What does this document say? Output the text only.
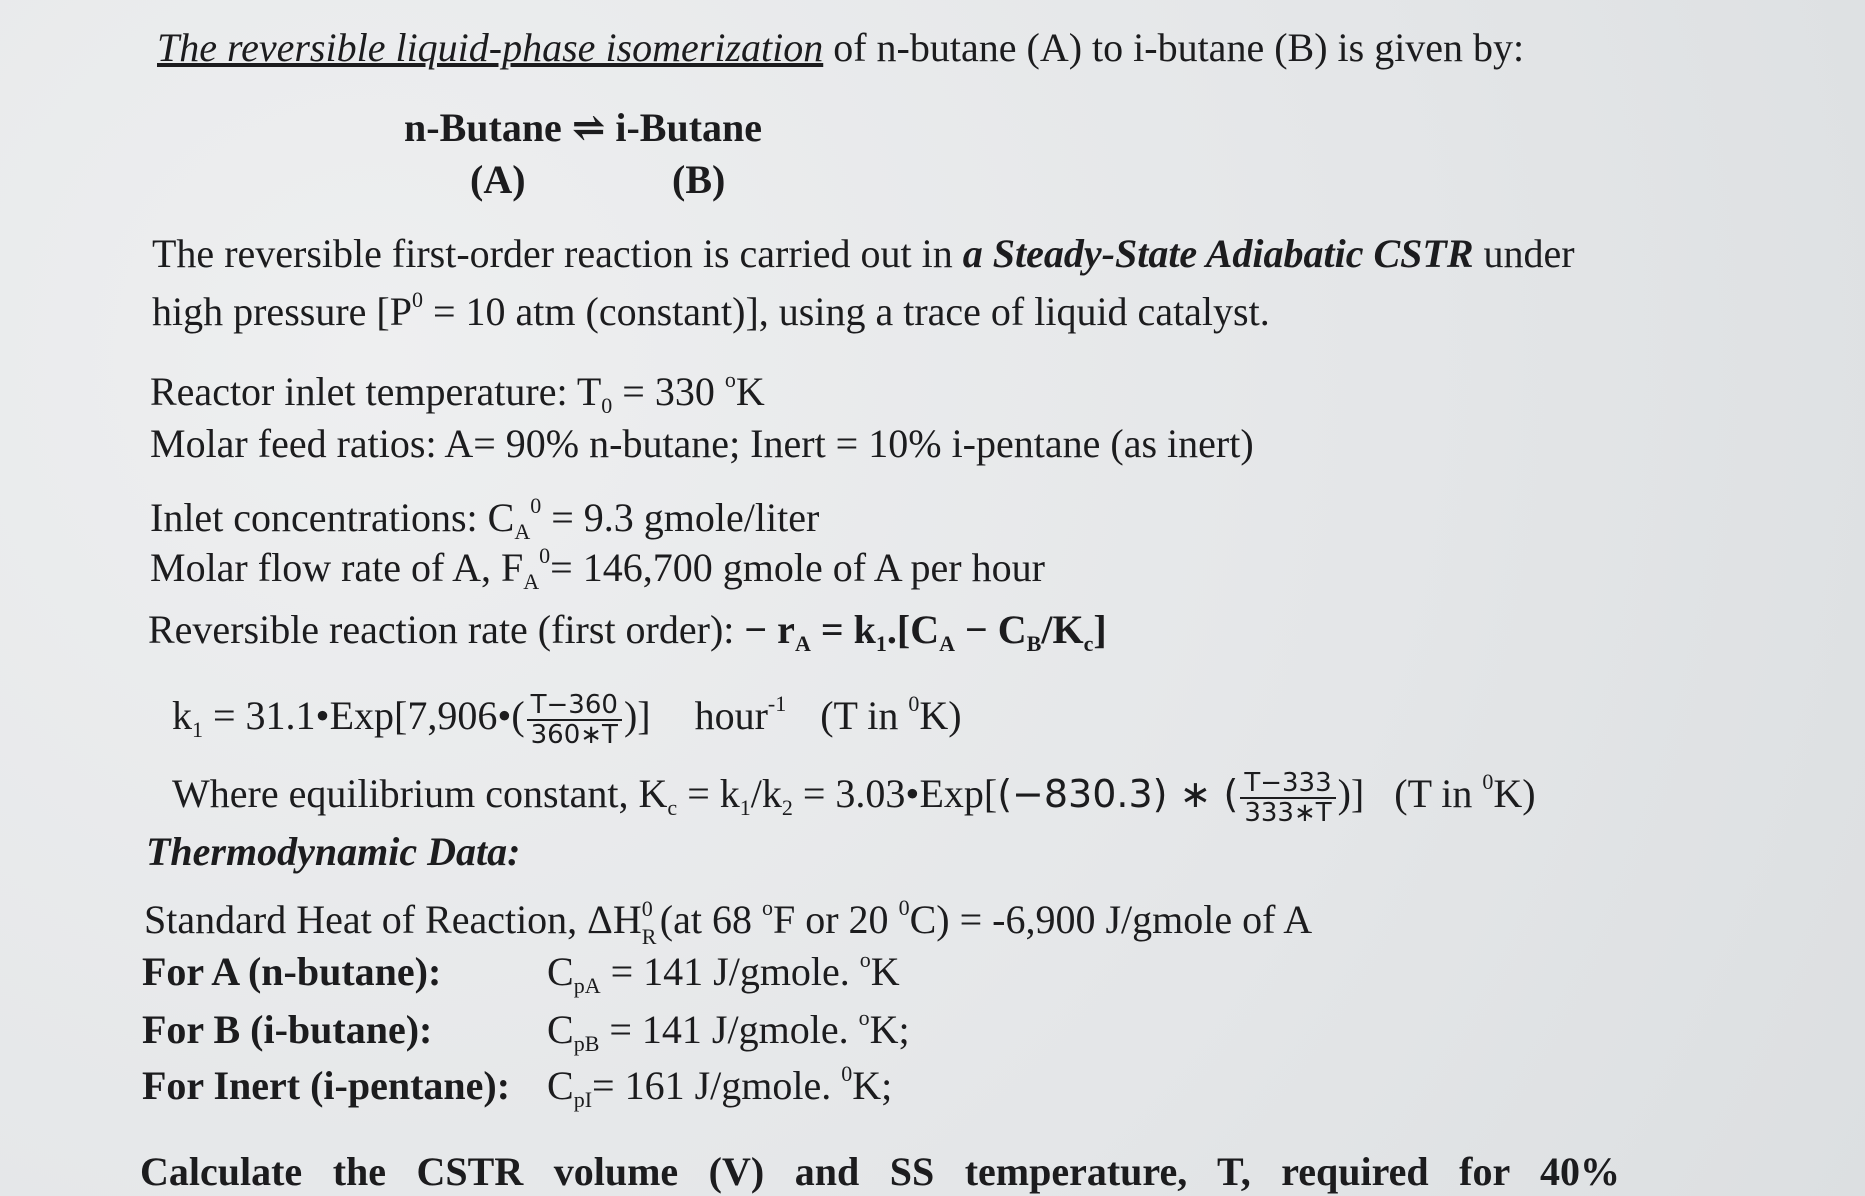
The reversible liquid-phase isomerization of n-butane (A) to i-butane (B) is given by:
n-Butane ⇌ i-Butane
(A)	(B)
The reversible first-order reaction is carried out in a Steady-State Adiabatic CSTR under
high pressure [$P^0 = 10$ atm (constant)], using a trace of liquid catalyst.
Reactor inlet temperature: $T_0 = 330$ $^o$K
Molar feed ratios: A= 90% n-butane; Inert = 10% i-pentane (as inert)
Inlet concentrations: $C_A^0 = 9.3$ gmole/liter
Molar flow rate of A, $F_A^0= 146,700$ gmole of A per hour
Reversible reaction rate (first order): − $r_A = k_1.[C_A - C_B/K_c]$
$k_1$ = 31.1•Exp[7,906•( $\frac{T-360}{360∗T}$ )] hour$^{-1}$ (T in $^0$K)
Where equilibrium constant, $K_c = k_1/k_2$ = 3.03•Exp[(−830.3) ∗ ( $\frac{T-333}{333∗T}$ )] (T in $^0$K)
Thermodynamic Data:
Standard Heat of Reaction, ΔH 0
R (at 68 $^o$F or 20 $^0$C) = -6,900 J/gmole of A
For A (n-butane):	$C_{pA} = 141$ J/gmole. $^o$K
For B (i-butane):	$C_{pB} = 141$ J/gmole. $^o$K;
For Inert (i-pentane): $C_{pI}= 161$ J/gmole. $^0$K;
Calculate the CSTR volume (V) and SS temperature, T, required for 40%
